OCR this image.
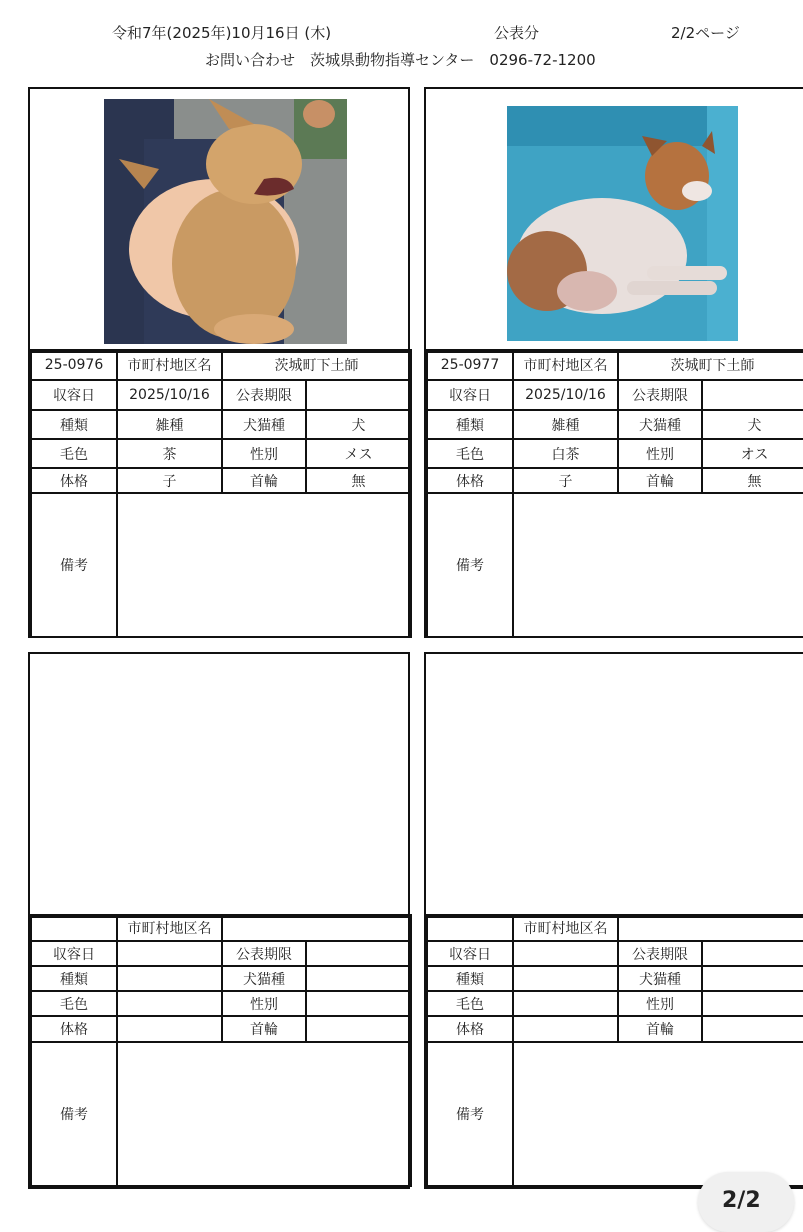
令和7年(2025年)10月16日 (木)	公表分	2/2ページ
お問い合わせ　茨城県動物指導センター　0296-72-1200
25-0976	市町村地区名	茨城町下土師	
収容日	2025/10/16	公表期限	
種類	雑種	犬猫種	犬
毛色	茶	性別	メス
体格	子	首輪	無
備考			
25-0977	市町村地区名	茨城町下土師	
収容日	2025/10/16	公表期限	
種類	雑種	犬猫種	犬
毛色	白茶	性別	オス
体格	子	首輪	無
備考			
	市町村地区名		
収容日		公表期限	
種類		犬猫種	
毛色		性別	
体格		首輪	
備考			
	市町村地区名		
収容日		公表期限	
種類		犬猫種	
毛色		性別	
体格		首輪	
備考			
2/2
